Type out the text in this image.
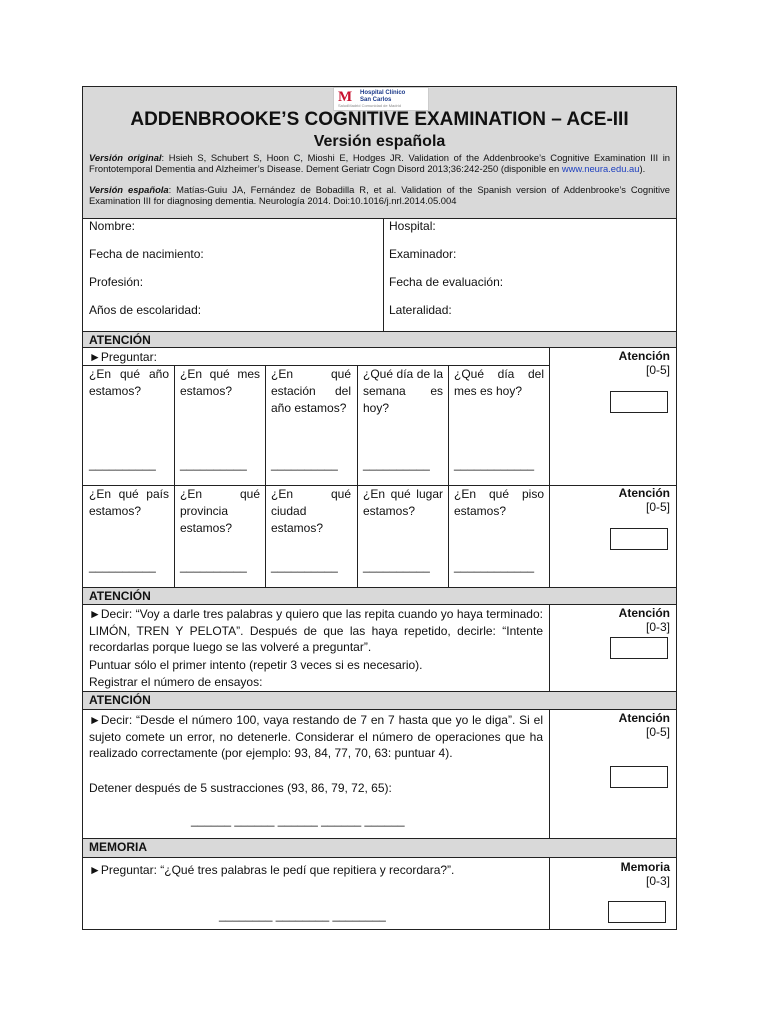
M Hospital Clínico
San Carlos
SaludMadrid Comunidad de Madrid
ADDENBROOKE’S COGNITIVE EXAMINATION – ACE-III
Versión española
Versión original: Hsieh S, Schubert S, Hoon C, Mioshi E, Hodges JR. Validation of the Addenbrooke’s Cognitive Examination III in Frontotemporal Dementia and Alzheimer’s Disease. Dement Geriatr Cogn Disord 2013;36:242-250 (disponible en www.neura.edu.au).
Versión española: Matías-Guiu JA, Fernández de Bobadilla R, et al. Validation of the Spanish version of Addenbrooke’s Cognitive Examination III for diagnosing dementia. Neurología 2014. Doi:10.1016/j.nrl.2014.05.004
Nombre:
Fecha de nacimiento:
Profesión:
Años de escolaridad:
Hospital:
Examinador:
Fecha de evaluación:
Lateralidad:
ATENCIÓN
►Preguntar:
¿En qué año estamos?
¿En qué mes estamos?
¿En qué estación del año estamos?
¿Qué día de la semana es hoy?
¿Qué día del mes es hoy?
__________ __________ __________ __________ ____________
Atención
[0-5]
¿En qué país estamos?
¿En qué provincia estamos?
¿En qué ciudad estamos?
¿En qué lugar estamos?
¿En qué piso estamos?
__________ __________ __________ __________ ____________
Atención
[0-5]
ATENCIÓN
►Decir: “Voy a darle tres palabras y quiero que las repita cuando yo haya terminado: LIMÓN, TREN Y PELOTA”. Después de que las haya repetido, decirle: “Intente recordarlas porque luego se las volveré a preguntar”.
Puntuar sólo el primer intento (repetir 3 veces si es necesario).
Registrar el número de ensayos:
Atención
[0-3]
ATENCIÓN
►Decir: “Desde el número 100, vaya restando de 7 en 7 hasta que yo le diga”. Si el sujeto comete un error, no detenerle. Considerar el número de operaciones que ha realizado correctamente (por ejemplo: 93, 84, 77, 70, 63: puntuar 4).
Detener después de 5 sustracciones (93, 86, 79, 72, 65):
______ ______ ______ ______ ______
Atención
[0-5]
MEMORIA
►Preguntar: “¿Qué tres palabras le pedí que repitiera y recordara?”.
________ ________ ________
Memoria
[0-3]
